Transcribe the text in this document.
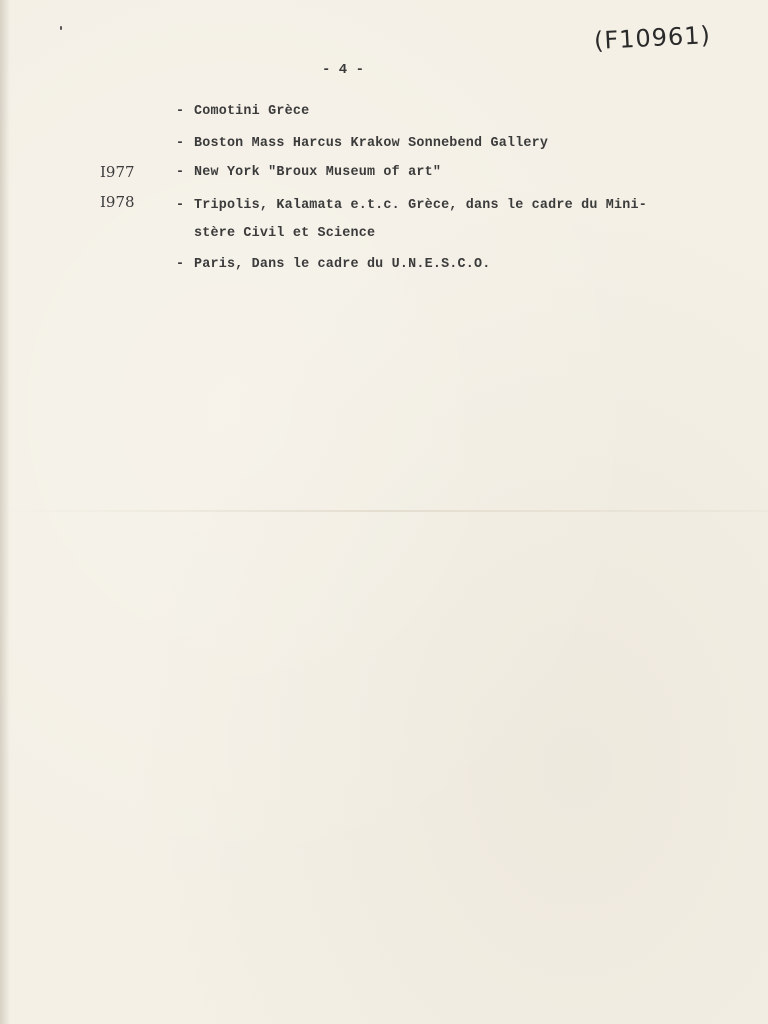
(F10961)
- 4 -
- Comotini Grèce
- Boston Mass Harcus Krakow Sonnebend Gallery
I977	- New York "Broux Museum of art"
I978	- Tripolis, Kalamata e.t.c. Grèce, dans le cadre du Mini-
stère Civil et Science
- Paris, Dans le cadre du U.N.E.S.C.O.
